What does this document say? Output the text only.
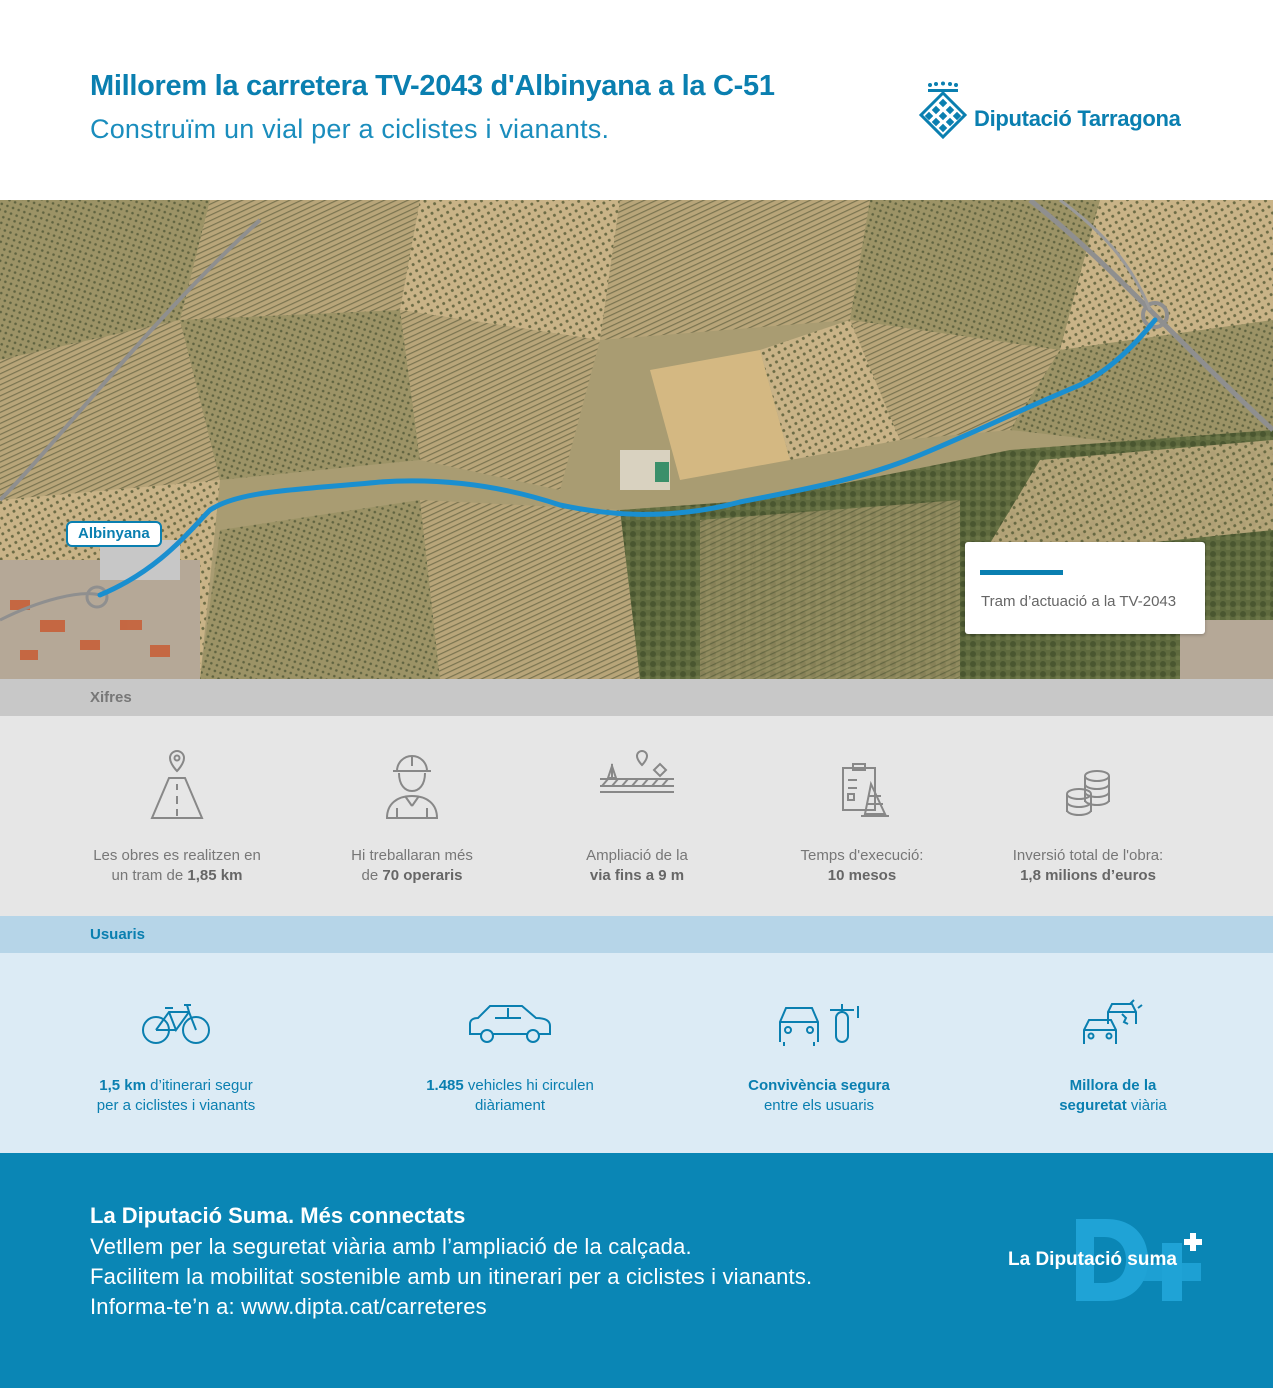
Millorem la carretera TV-2043 d'Albinyana a la C-51
Construïm un vial per a ciclistes i vianants.	Diputació Tarragona
Albinyana
Tram d’actuació a la TV-2043
Xifres
Les obres es realitzen en
un tram de 1,85 km
Hi treballaran més
de 70 operaris
Ampliació de la
via fins a 9 m
Temps d'execució:
10 mesos
Inversió total de l'obra:
1,8 milions d’euros
Usuaris
1,5 km d’itinerari segur
per a ciclistes i vianants
1.485 vehicles hi circulen
diàriament
Convivència segura
entre els usuaris
Millora de la
seguretat viària
La Diputació Suma. Més connectats
Vetllem per la seguretat viària amb l’ampliació de la calçada.
Facilitem la mobilitat sostenible amb un itinerari per a ciclistes i vianants.
Informa-te’n a: www.dipta.cat/carreteres
La Diputació suma
